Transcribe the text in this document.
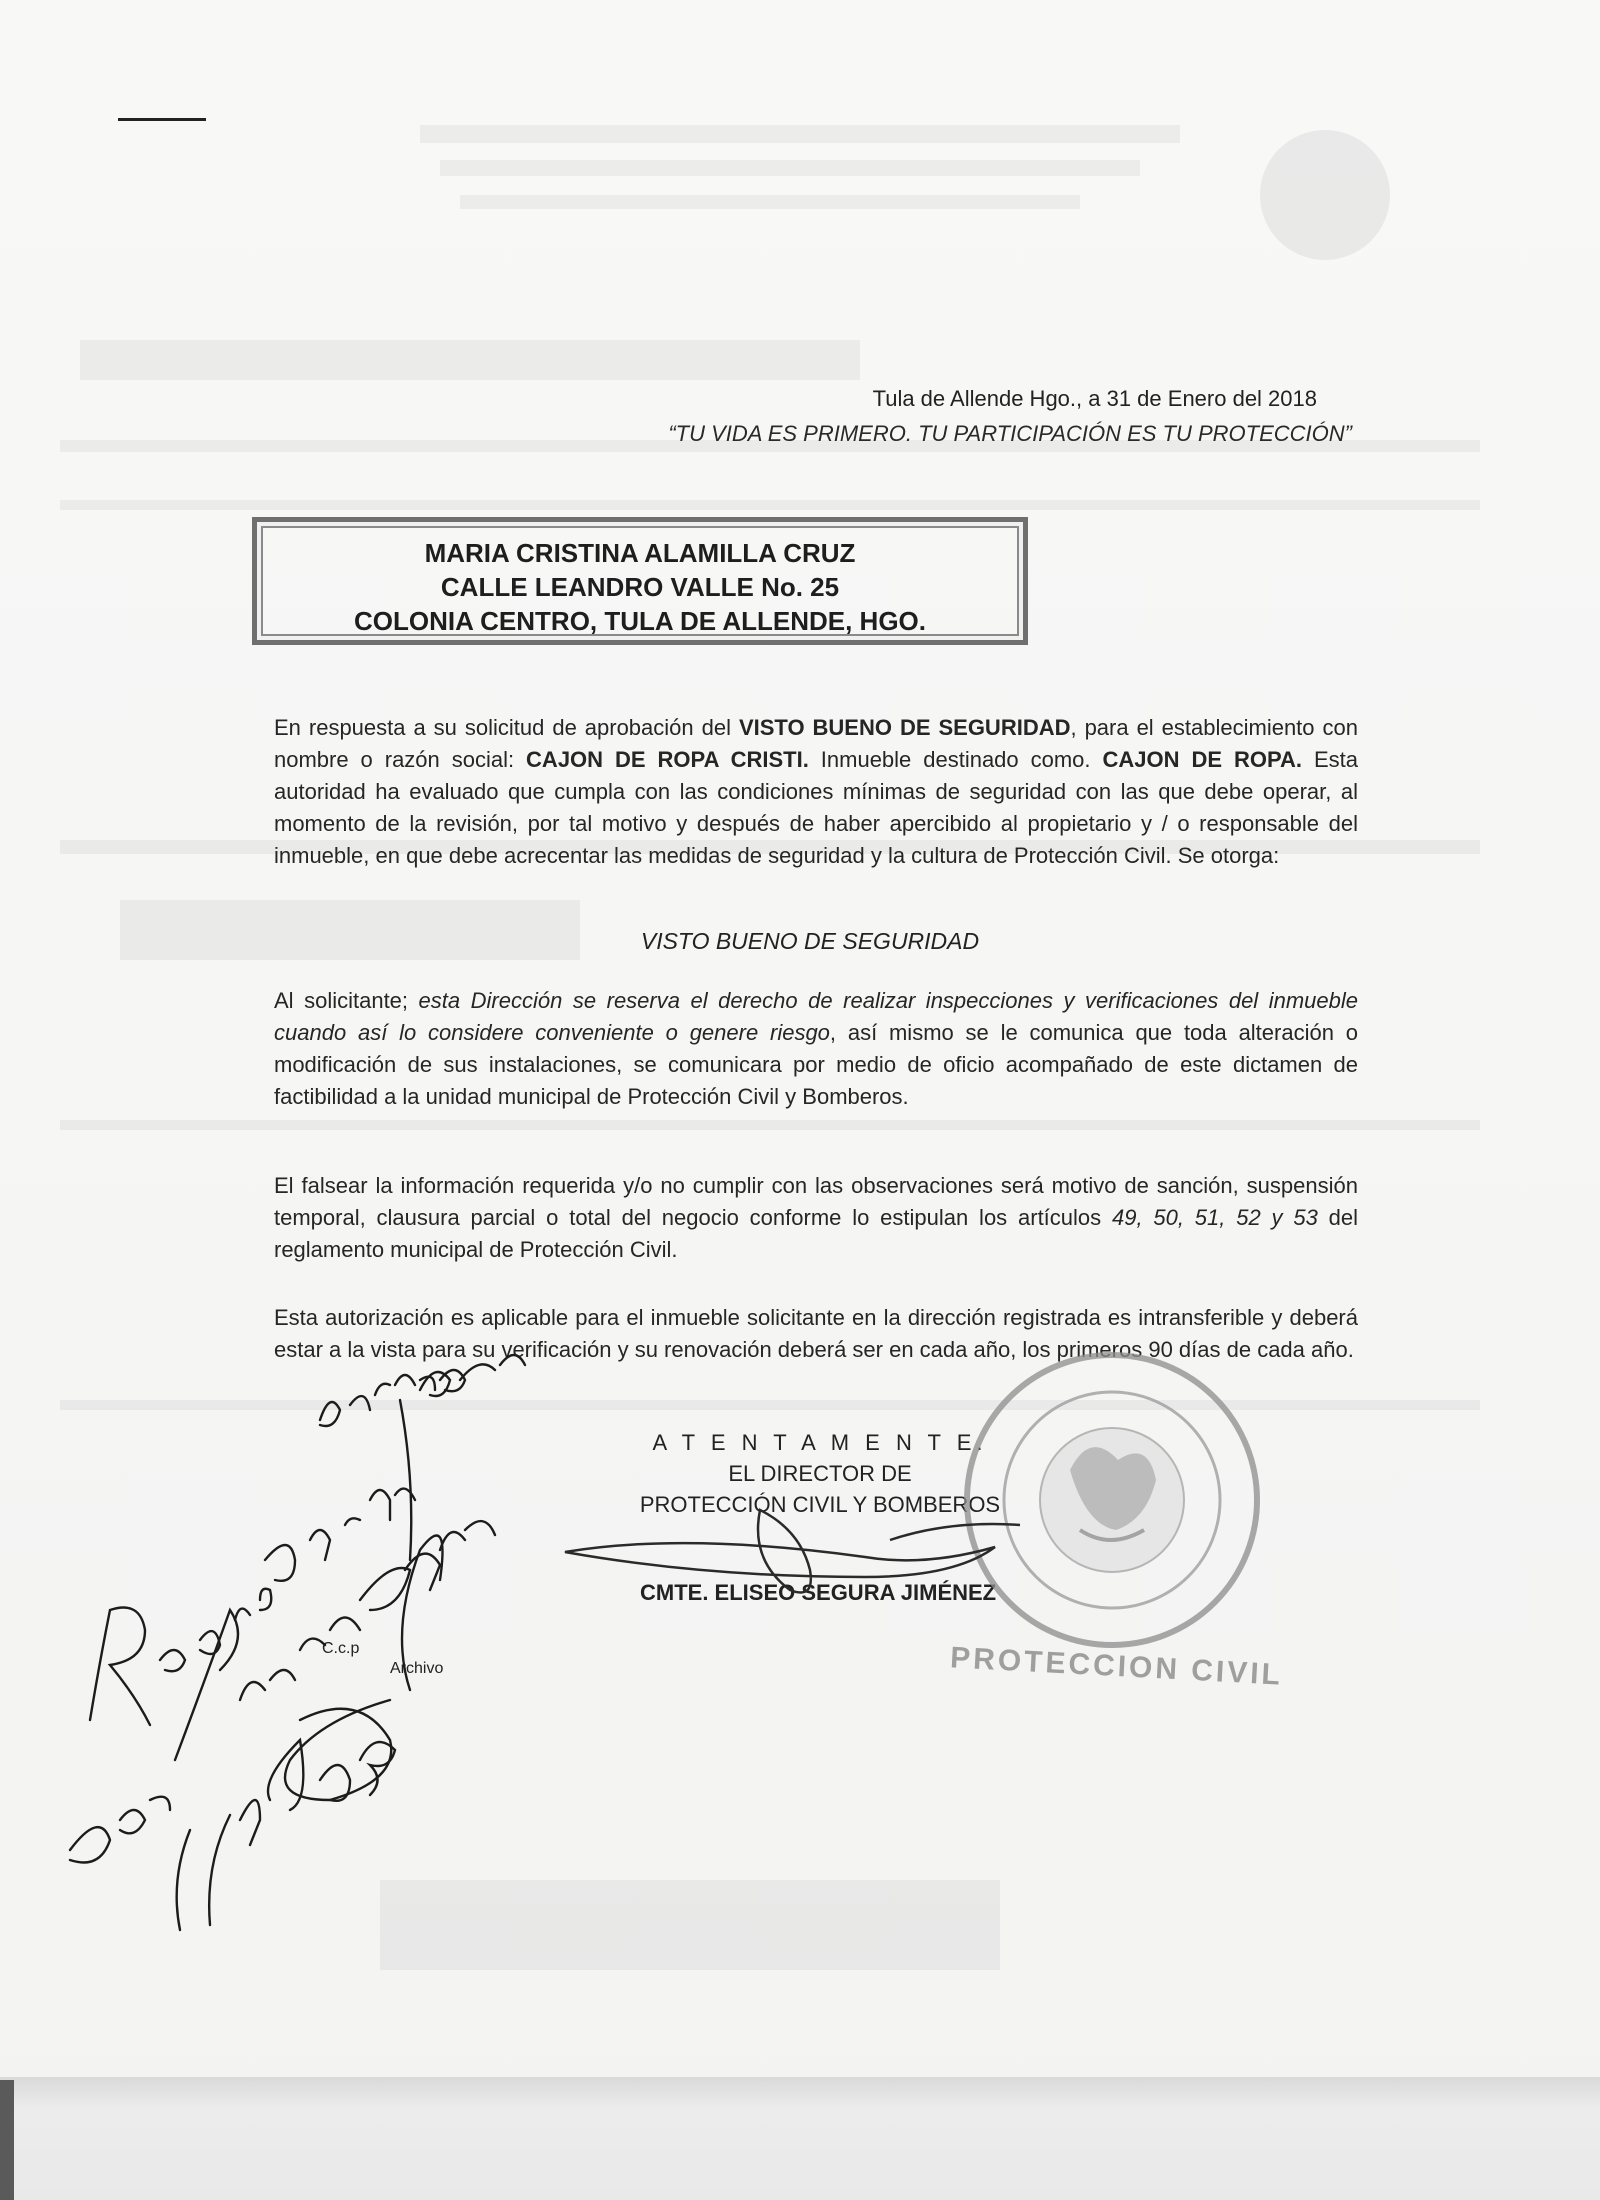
Tula de Allende Hgo., a 31 de Enero del 2018
“TU VIDA ES PRIMERO. TU PARTICIPACIÓN ES TU PROTECCIÓN”
MARIA CRISTINA ALAMILLA CRUZ
CALLE LEANDRO VALLE No. 25
COLONIA CENTRO, TULA DE ALLENDE, HGO.
En respuesta a su solicitud de aprobación del VISTO BUENO DE SEGURIDAD, para el establecimiento con nombre o razón social: CAJON DE ROPA CRISTI. Inmueble destinado como. CAJON DE ROPA. Esta autoridad ha evaluado que cumpla con las condiciones mínimas de seguridad con las que debe operar, al momento de la revisión, por tal motivo y después de haber apercibido al propietario y / o responsable del inmueble, en que debe acrecentar las medidas de seguridad y la cultura de Protección Civil. Se otorga:
VISTO BUENO DE SEGURIDAD
Al solicitante; esta Dirección se reserva el derecho de realizar inspecciones y verificaciones del inmueble cuando así lo considere conveniente o genere riesgo, así mismo se le comunica que toda alteración o modificación de sus instalaciones, se comunicara por medio de oficio acompañado de este dictamen de factibilidad a la unidad municipal de Protección Civil y Bomberos.
El falsear la información requerida y/o no cumplir con las observaciones será motivo de sanción, suspensión temporal, clausura parcial o total del negocio conforme lo estipulan los artículos 49, 50, 51, 52 y 53 del reglamento municipal de Protección Civil.
Esta autorización es aplicable para el inmueble solicitante en la dirección registrada es intransferible y deberá estar a la vista para su verificación y su renovación deberá ser en cada año, los primeros 90 días de cada año.
A T E N T A M E N T E.
EL DIRECTOR DE
PROTECCIÓN CIVIL Y BOMBEROS
CMTE. ELISEO SEGURA JIMÉNEZ
C.c.p
Archivo	PROTECCION CIVIL
